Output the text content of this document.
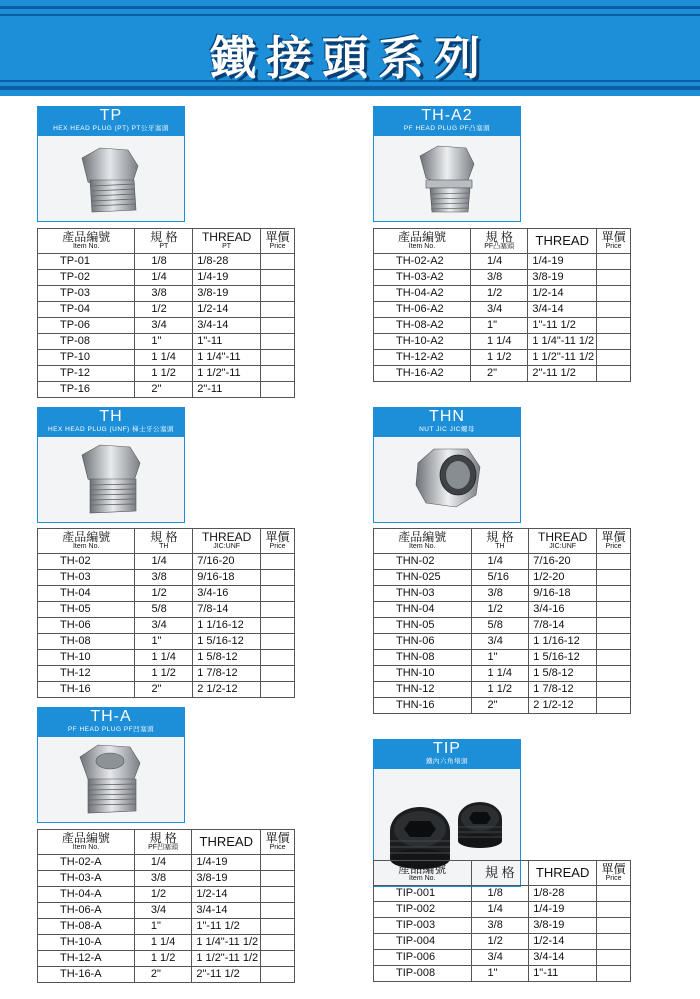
鐵接頭系列
TP
HEX HEAD PLUG (PT) PT公牙塞頭
產品編號
Item No.	規 格
PT	THREAD
PT	單價
Price

TP-01	1/8	1/8-28	
TP-02	1/4	1/4-19	
TP-03	3/8	3/8-19	
TP-04	1/2	1/2-14	
TP-06	3/4	3/4-14	
TP-08	1"	1"-11	
TP-10	1 1/4	1 1/4"-11	
TP-12	1 1/2	1 1/2"-11	
TP-16	2"	2"-11	
TH-A2
PF HEAD PLUG PF凸塞頭
產品編號
Item No.	規 格
PF凸塞頭	THREAD	單價
Price

TH-02-A2	1/4	1/4-19	
TH-03-A2	3/8	3/8-19	
TH-04-A2	1/2	1/2-14	
TH-06-A2	3/4	3/4-14	
TH-08-A2	1"	1"-11 1/2	
TH-10-A2	1 1/4	1 1/4"-11 1/2	
TH-12-A2	1 1/2	1 1/2"-11 1/2	
TH-16-A2	2"	2"-11 1/2	
TH
HEX HEAD PLUG (UNF) 梯士牙公塞頭
產品編號
Item No.	規 格
TH	THREAD
JIC:UNF	單價
Price

TH-02	1/4	7/16-20	
TH-03	3/8	9/16-18	
TH-04	1/2	3/4-16	
TH-05	5/8	7/8-14	
TH-06	3/4	1 1/16-12	
TH-08	1"	1 5/16-12	
TH-10	1 1/4	1 5/8-12	
TH-12	1 1/2	1 7/8-12	
TH-16	2"	2 1/2-12	
THN
NUT JIC JIC螺母
產品編號
Item No.	規 格
TH	THREAD
JIC:UNF	單價
Price

THN-02	1/4	7/16-20	
THN-025	5/16	1/2-20	
THN-03	3/8	9/16-18	
THN-04	1/2	3/4-16	
THN-05	5/8	7/8-14	
THN-06	3/4	1 1/16-12	
THN-08	1"	1 5/16-12	
THN-10	1 1/4	1 5/8-12	
THN-12	1 1/2	1 7/8-12	
THN-16	2"	2 1/2-12	
TH-A
PF HEAD PLUG PF凹塞頭
產品編號
Item No.	規 格
PF凹塞頭	THREAD	單價
Price

TH-02-A	1/4	1/4-19	
TH-03-A	3/8	3/8-19	
TH-04-A	1/2	1/2-14	
TH-06-A	3/4	3/4-14	
TH-08-A	1"	1"-11 1/2	
TH-10-A	1 1/4	1 1/4"-11 1/2	
TH-12-A	1 1/2	1 1/2"-11 1/2	
TH-16-A	2"	2"-11 1/2	
TIP
鐵內六角堵頭
產品編號
Item No.	規 格	THREAD	單價
Price

TIP-001	1/8	1/8-28	
TIP-002	1/4	1/4-19	
TIP-003	3/8	3/8-19	
TIP-004	1/2	1/2-14	
TIP-006	3/4	3/4-14	
TIP-008	1"	1"-11	
